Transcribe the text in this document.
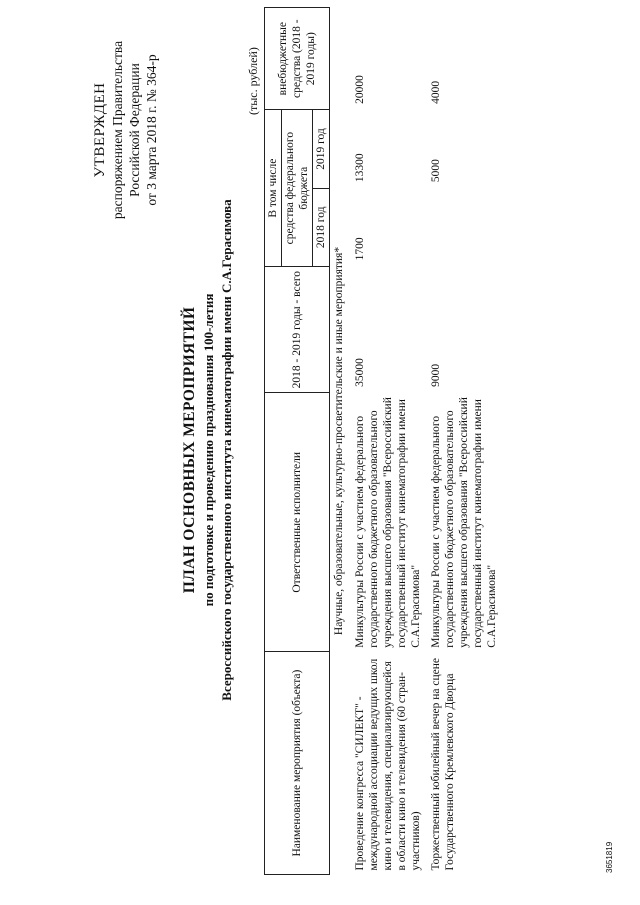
УТВЕРЖДЕН распоряжением Правительства Российской Федерации от 3 марта 2018 г. № 364-р
ПЛАН ОСНОВНЫХ МЕРОПРИЯТИЙ по подготовке и проведению празднования 100-летия Всероссийского государственного института кинематографии имени С.А.Герасимова
(тыс. рублей)
Наименование мероприятия (объекта)	Ответственные исполнители	2018 - 2019 годы - всего	В том числе		внебюджетные средства (2018 - 2019 годы)
			средства федерального бюджета		
			2018 год	2019 год	
Научные, образовательные, культурно-просветительские и иные мероприятия*					
Проведение конгресса "СИЛЕКТ" - международной ассоциации ведущих школ кино и телевидения, специализирующейся в области кино и телевидения (60 стран-участников)	Минкультуры России с участием федерального государственного бюджетного образовательного учреждения высшего образования "Всероссийский государственный институт кинематографии имени С.А.Герасимова"	35000	1700	13300	20000
Торжественный юбилейный вечер на сцене Государственного Кремлевского Дворца	Минкультуры России с участием федерального государственного бюджетного образовательного учреждения высшего образования "Всероссийский государственный институт кинематографии имени С.А.Герасимова"	9000		5000	4000
3651819
